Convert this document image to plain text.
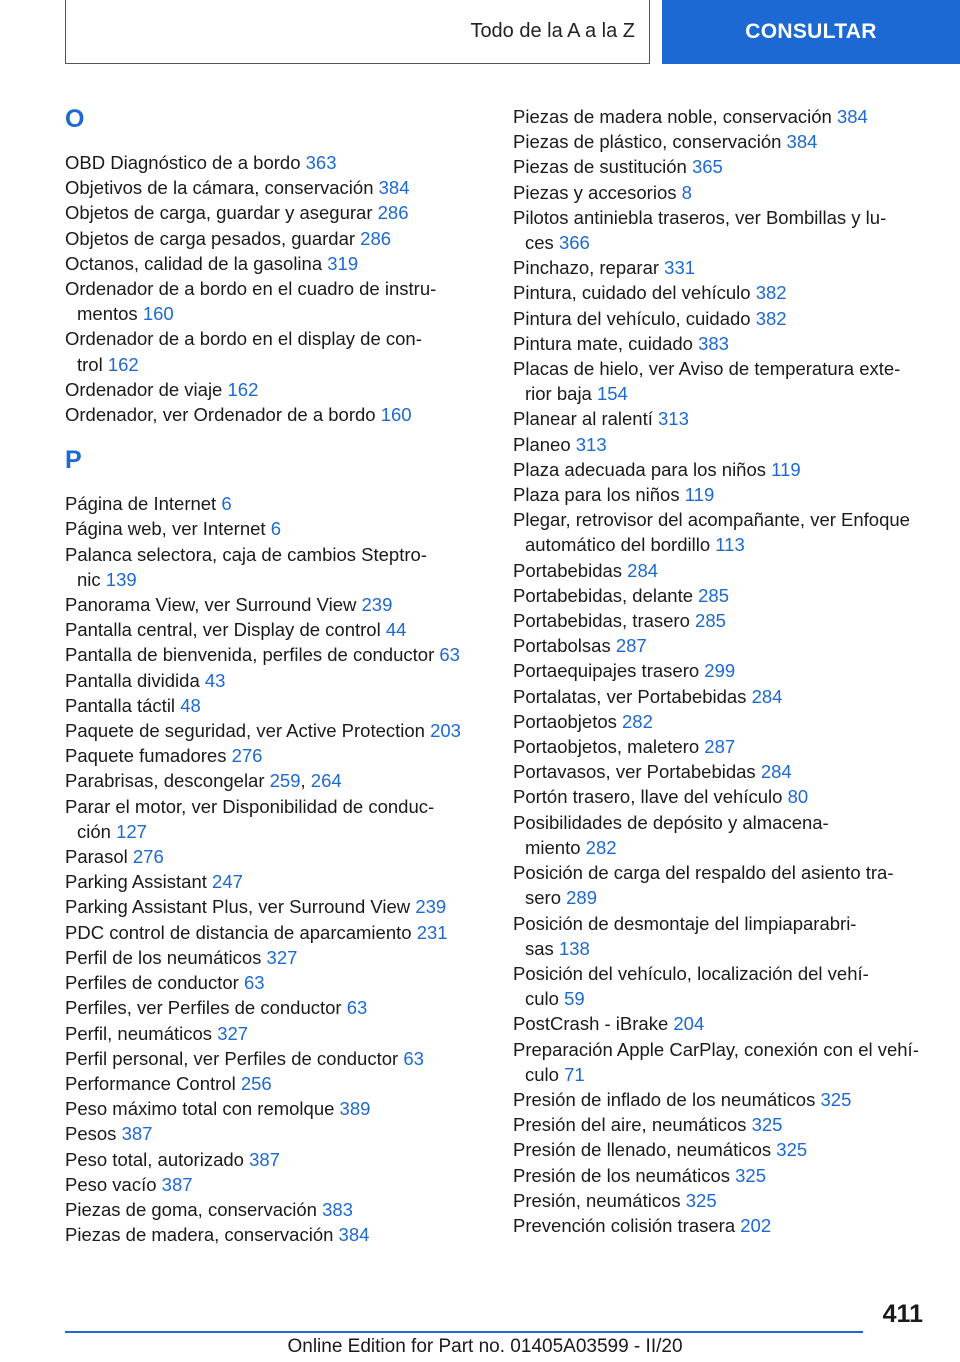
Todo de la A a la Z	CONSULTAR
O
OBD Diagnóstico de a bordo 363
Objetivos de la cámara, conservación 384
Objetos de carga, guardar y asegurar 286
Objetos de carga pesados, guardar 286
Octanos, calidad de la gasolina 319
Ordenador de a bordo en el cuadro de instru-
mentos 160
Ordenador de a bordo en el display de con-
trol 162
Ordenador de viaje 162
Ordenador, ver Ordenador de a bordo 160
P
Página de Internet 6
Página web, ver Internet 6
Palanca selectora, caja de cambios Steptro-
nic 139
Panorama View, ver Surround View 239
Pantalla central, ver Display de control 44
Pantalla de bienvenida, perfiles de conductor 63
Pantalla dividida 43
Pantalla táctil 48
Paquete de seguridad, ver Active Protection 203
Paquete fumadores 276
Parabrisas, descongelar 259, 264
Parar el motor, ver Disponibilidad de conduc-
ción 127
Parasol 276
Parking Assistant 247
Parking Assistant Plus, ver Surround View 239
PDC control de distancia de aparcamiento 231
Perfil de los neumáticos 327
Perfiles de conductor 63
Perfiles, ver Perfiles de conductor 63
Perfil, neumáticos 327
Perfil personal, ver Perfiles de conductor 63
Performance Control 256
Peso máximo total con remolque 389
Pesos 387
Peso total, autorizado 387
Peso vacío 387
Piezas de goma, conservación 383
Piezas de madera, conservación 384
Piezas de madera noble, conservación 384
Piezas de plástico, conservación 384
Piezas de sustitución 365
Piezas y accesorios 8
Pilotos antiniebla traseros, ver Bombillas y lu-
ces 366
Pinchazo, reparar 331
Pintura, cuidado del vehículo 382
Pintura del vehículo, cuidado 382
Pintura mate, cuidado 383
Placas de hielo, ver Aviso de temperatura exte-
rior baja 154
Planear al ralentí 313
Planeo 313
Plaza adecuada para los niños 119
Plaza para los niños 119
Plegar, retrovisor del acompañante, ver Enfoque
automático del bordillo 113
Portabebidas 284
Portabebidas, delante 285
Portabebidas, trasero 285
Portabolsas 287
Portaequipajes trasero 299
Portalatas, ver Portabebidas 284
Portaobjetos 282
Portaobjetos, maletero 287
Portavasos, ver Portabebidas 284
Portón trasero, llave del vehículo 80
Posibilidades de depósito y almacena-
miento 282
Posición de carga del respaldo del asiento tra-
sero 289
Posición de desmontaje del limpiaparabri-
sas 138
Posición del vehículo, localización del vehí-
culo 59
PostCrash - iBrake 204
Preparación Apple CarPlay, conexión con el vehí-
culo 71
Presión de inflado de los neumáticos 325
Presión del aire, neumáticos 325
Presión de llenado, neumáticos 325
Presión de los neumáticos 325
Presión, neumáticos 325
Prevención colisión trasera 202
411
Online Edition for Part no. 01405A03599 - II/20
